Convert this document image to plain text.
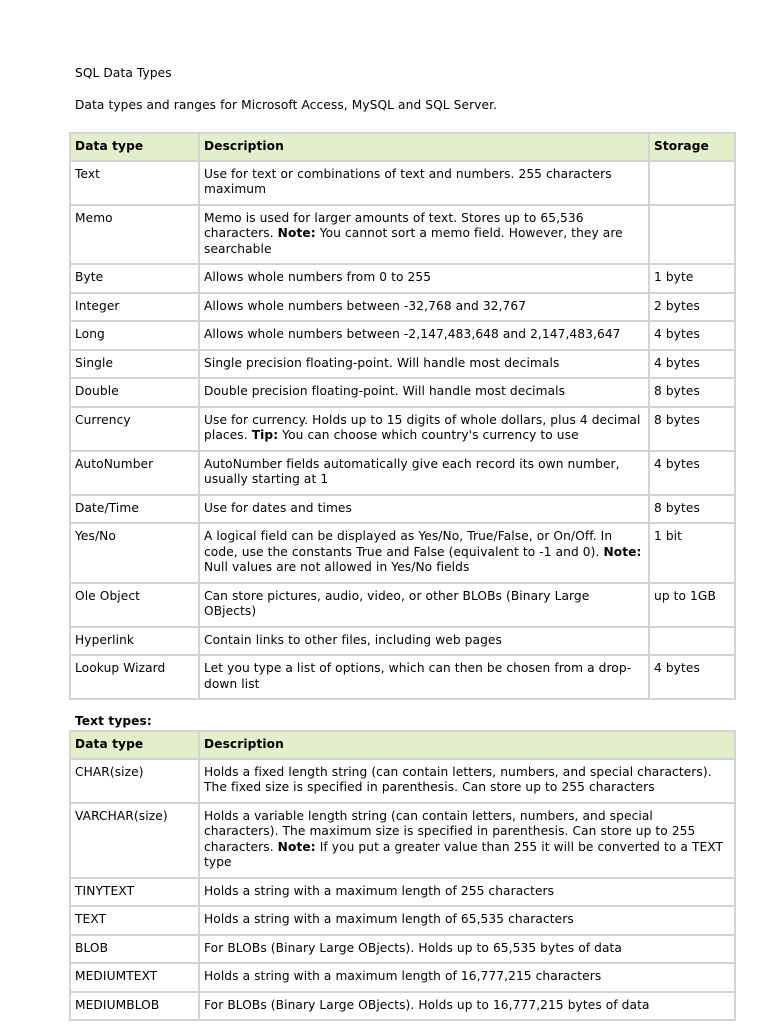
SQL Data Types
Data types and ranges for Microsoft Access, MySQL and SQL Server.
Data type	Description	Storage
Text	Use for text or combinations of text and numbers. 255 characters maximum	
Memo	Memo is used for larger amounts of text. Stores up to 65,536 characters. Note: You cannot sort a memo field. However, they are searchable	
Byte	Allows whole numbers from 0 to 255	1 byte
Integer	Allows whole numbers between -32,768 and 32,767	2 bytes
Long	Allows whole numbers between -2,147,483,648 and 2,147,483,647	4 bytes
Single	Single precision floating-point. Will handle most decimals	4 bytes
Double	Double precision floating-point. Will handle most decimals	8 bytes
Currency	Use for currency. Holds up to 15 digits of whole dollars, plus 4 decimal places. Tip: You can choose which country's currency to use	8 bytes
AutoNumber	AutoNumber fields automatically give each record its own number, usually starting at 1	4 bytes
Date/Time	Use for dates and times	8 bytes
Yes/No	A logical field can be displayed as Yes/No, True/False, or On/Off. In code, use the constants True and False (equivalent to -1 and 0). Note: Null values are not allowed in Yes/No fields	1 bit
Ole Object	Can store pictures, audio, video, or other BLOBs (Binary Large OBjects)	up to 1GB
Hyperlink	Contain links to other files, including web pages	
Lookup Wizard	Let you type a list of options, which can then be chosen from a drop-down list	4 bytes
Text types:
Data type	Description
CHAR(size)	Holds a fixed length string (can contain letters, numbers, and special characters). The fixed size is specified in parenthesis. Can store up to 255 characters
VARCHAR(size)	Holds a variable length string (can contain letters, numbers, and special characters). The maximum size is specified in parenthesis. Can store up to 255 characters. Note: If you put a greater value than 255 it will be converted to a TEXT type
TINYTEXT	Holds a string with a maximum length of 255 characters
TEXT	Holds a string with a maximum length of 65,535 characters
BLOB	For BLOBs (Binary Large OBjects). Holds up to 65,535 bytes of data
MEDIUMTEXT	Holds a string with a maximum length of 16,777,215 characters
MEDIUMBLOB	For BLOBs (Binary Large OBjects). Holds up to 16,777,215 bytes of data
